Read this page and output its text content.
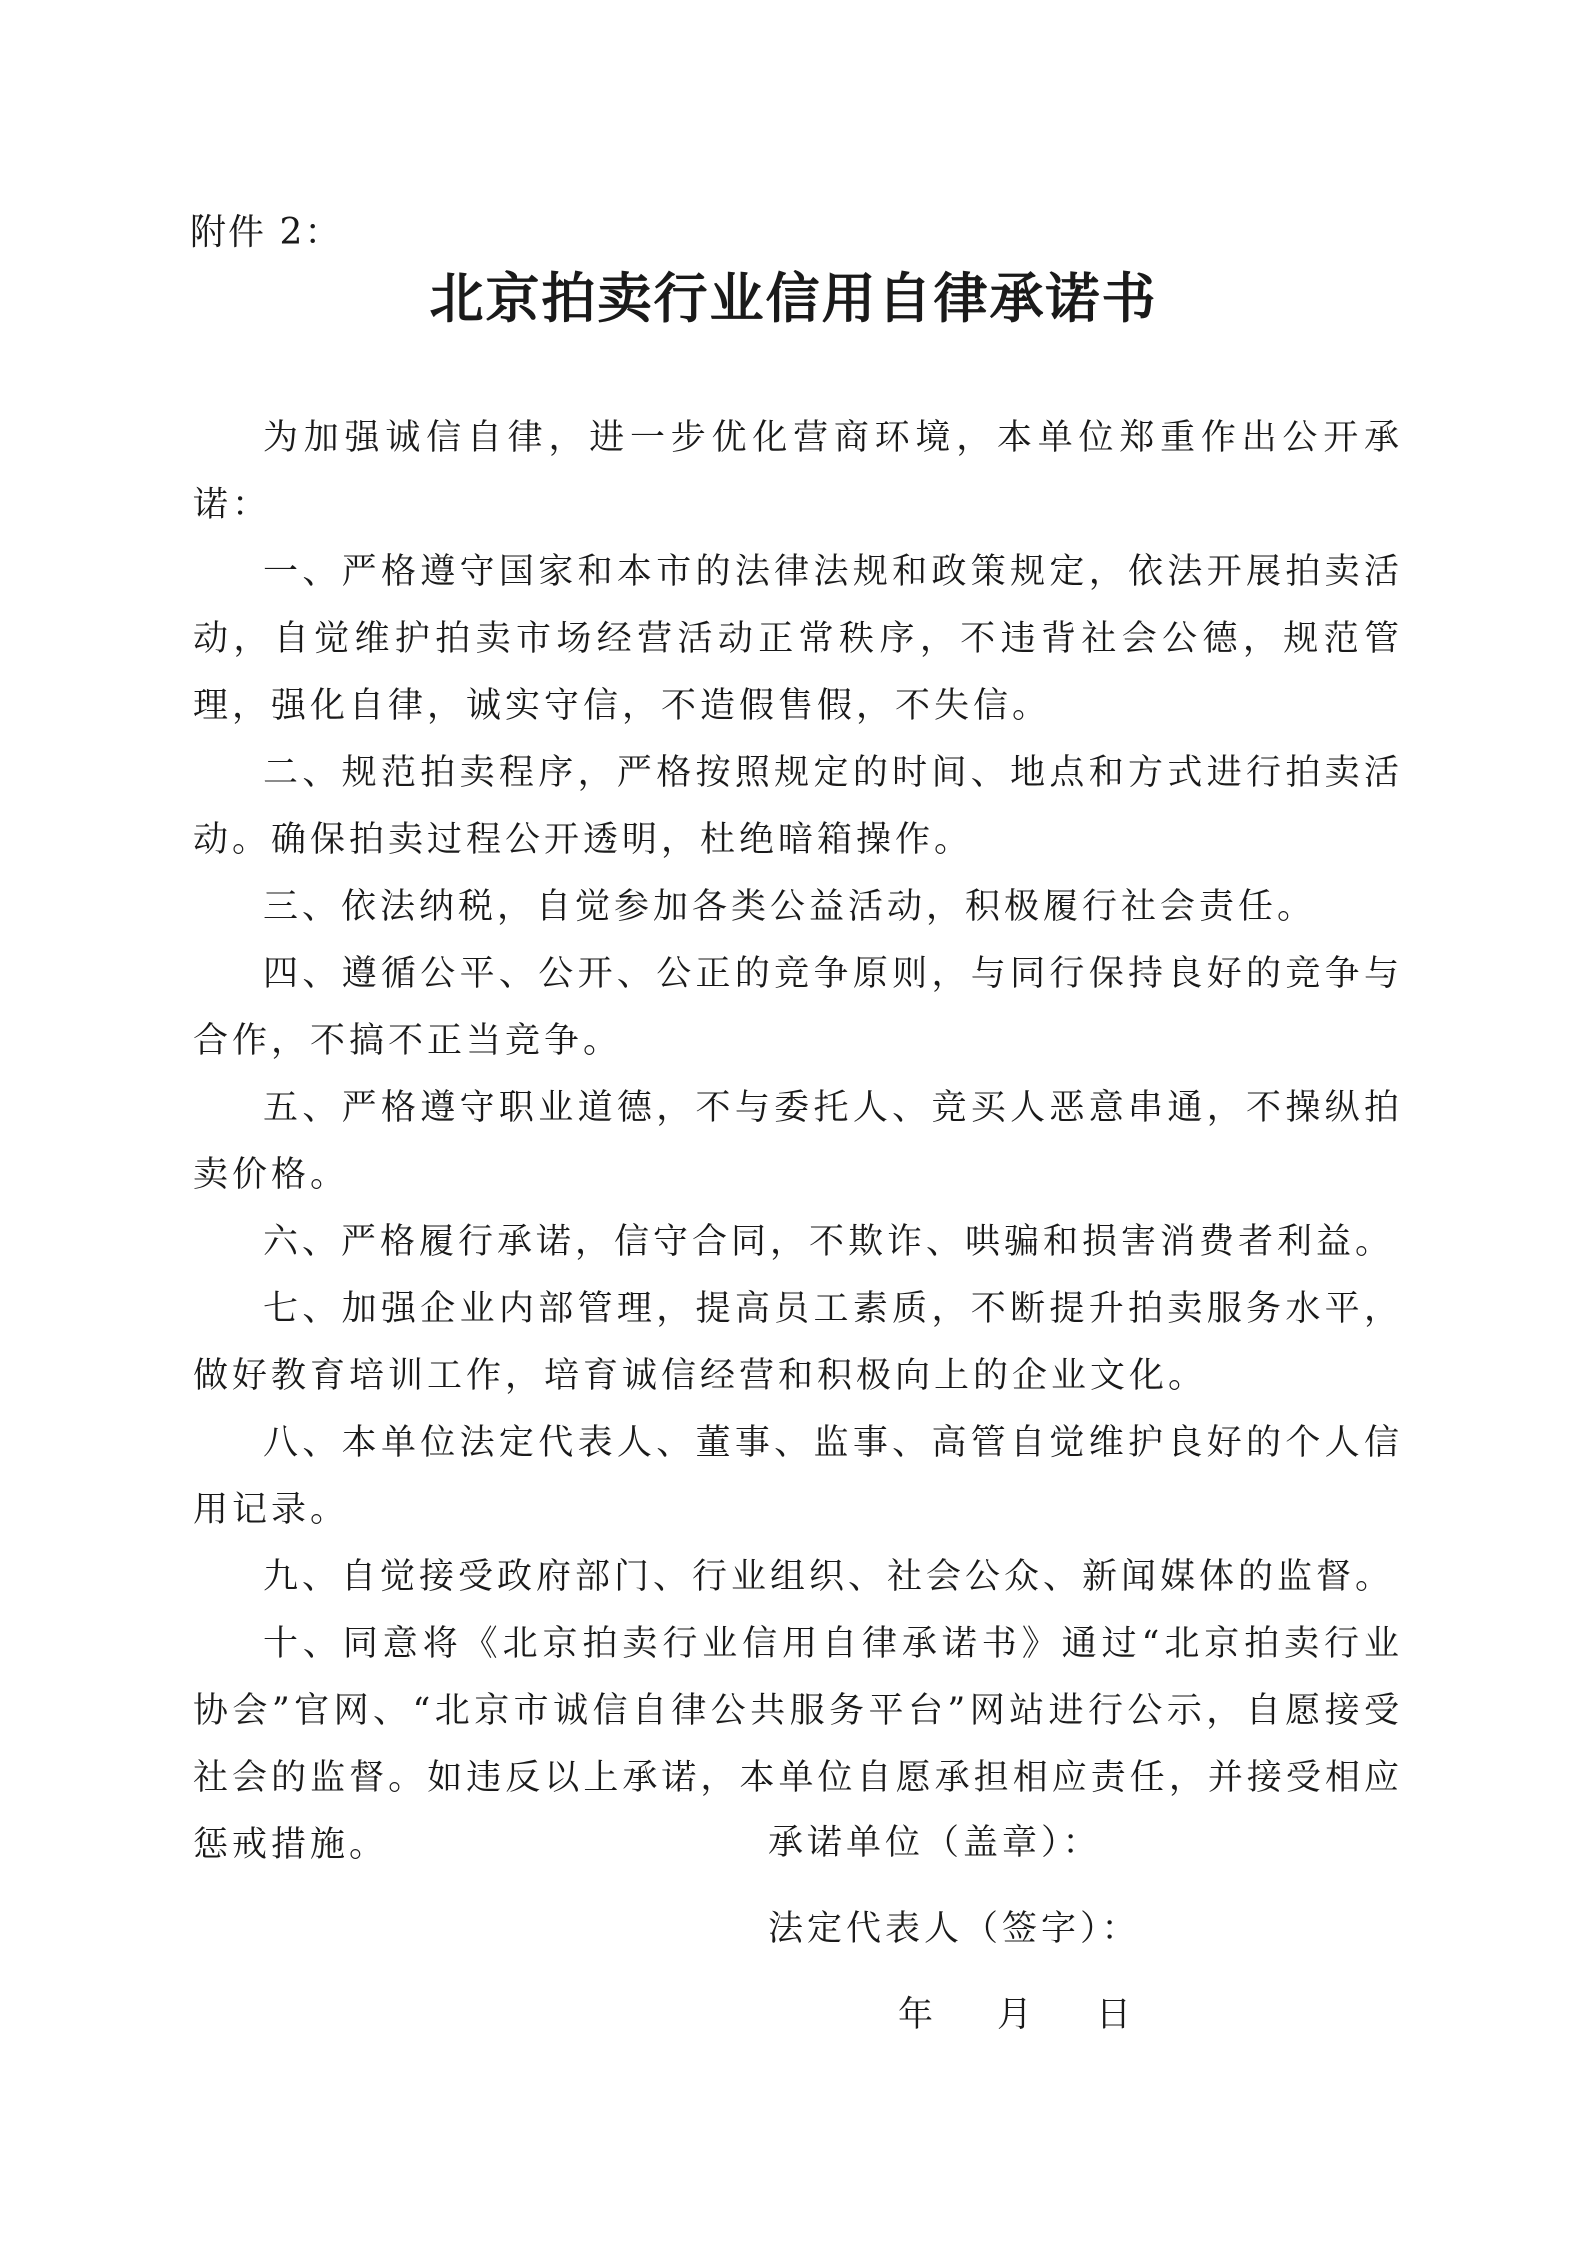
附件 2：
北京拍卖行业信用自律承诺书

为加强诚信自律，进一步优化营商环境，本单位郑重作出公开承诺：

一、严格遵守国家和本市的法律法规和政策规定，依法开展拍卖活动，自觉维护拍卖市场经营活动正常秩序，不违背社会公德，规范管理，强化自律，诚实守信，不造假售假，不失信。

二、规范拍卖程序，严格按照规定的时间、地点和方式进行拍卖活动。确保拍卖过程公开透明，杜绝暗箱操作。

三、依法纳税，自觉参加各类公益活动，积极履行社会责任。

四、遵循公平、公开、公正的竞争原则，与同行保持良好的竞争与合作，不搞不正当竞争。

五、严格遵守职业道德，不与委托人、竞买人恶意串通，不操纵拍卖价格。

六、严格履行承诺，信守合同，不欺诈、哄骗和损害消费者利益。

七、加强企业内部管理，提高员工素质，不断提升拍卖服务水平，做好教育培训工作，培育诚信经营和积极向上的企业文化。

八、本单位法定代表人、董事、监事、高管自觉维护良好的个人信用记录。

九、自觉接受政府部门、行业组织、社会公众、新闻媒体的监督。

十、同意将《北京拍卖行业信用自律承诺书》通过“北京拍卖行业协会”官网、“北京市诚信自律公共服务平台”网站进行公示，自愿接受社会的监督。如违反以上承诺，本单位自愿承担相应责任，并接受相应惩戒措施。	承诺单位（盖章）：
法定代表人（签字）：
年 月 日
